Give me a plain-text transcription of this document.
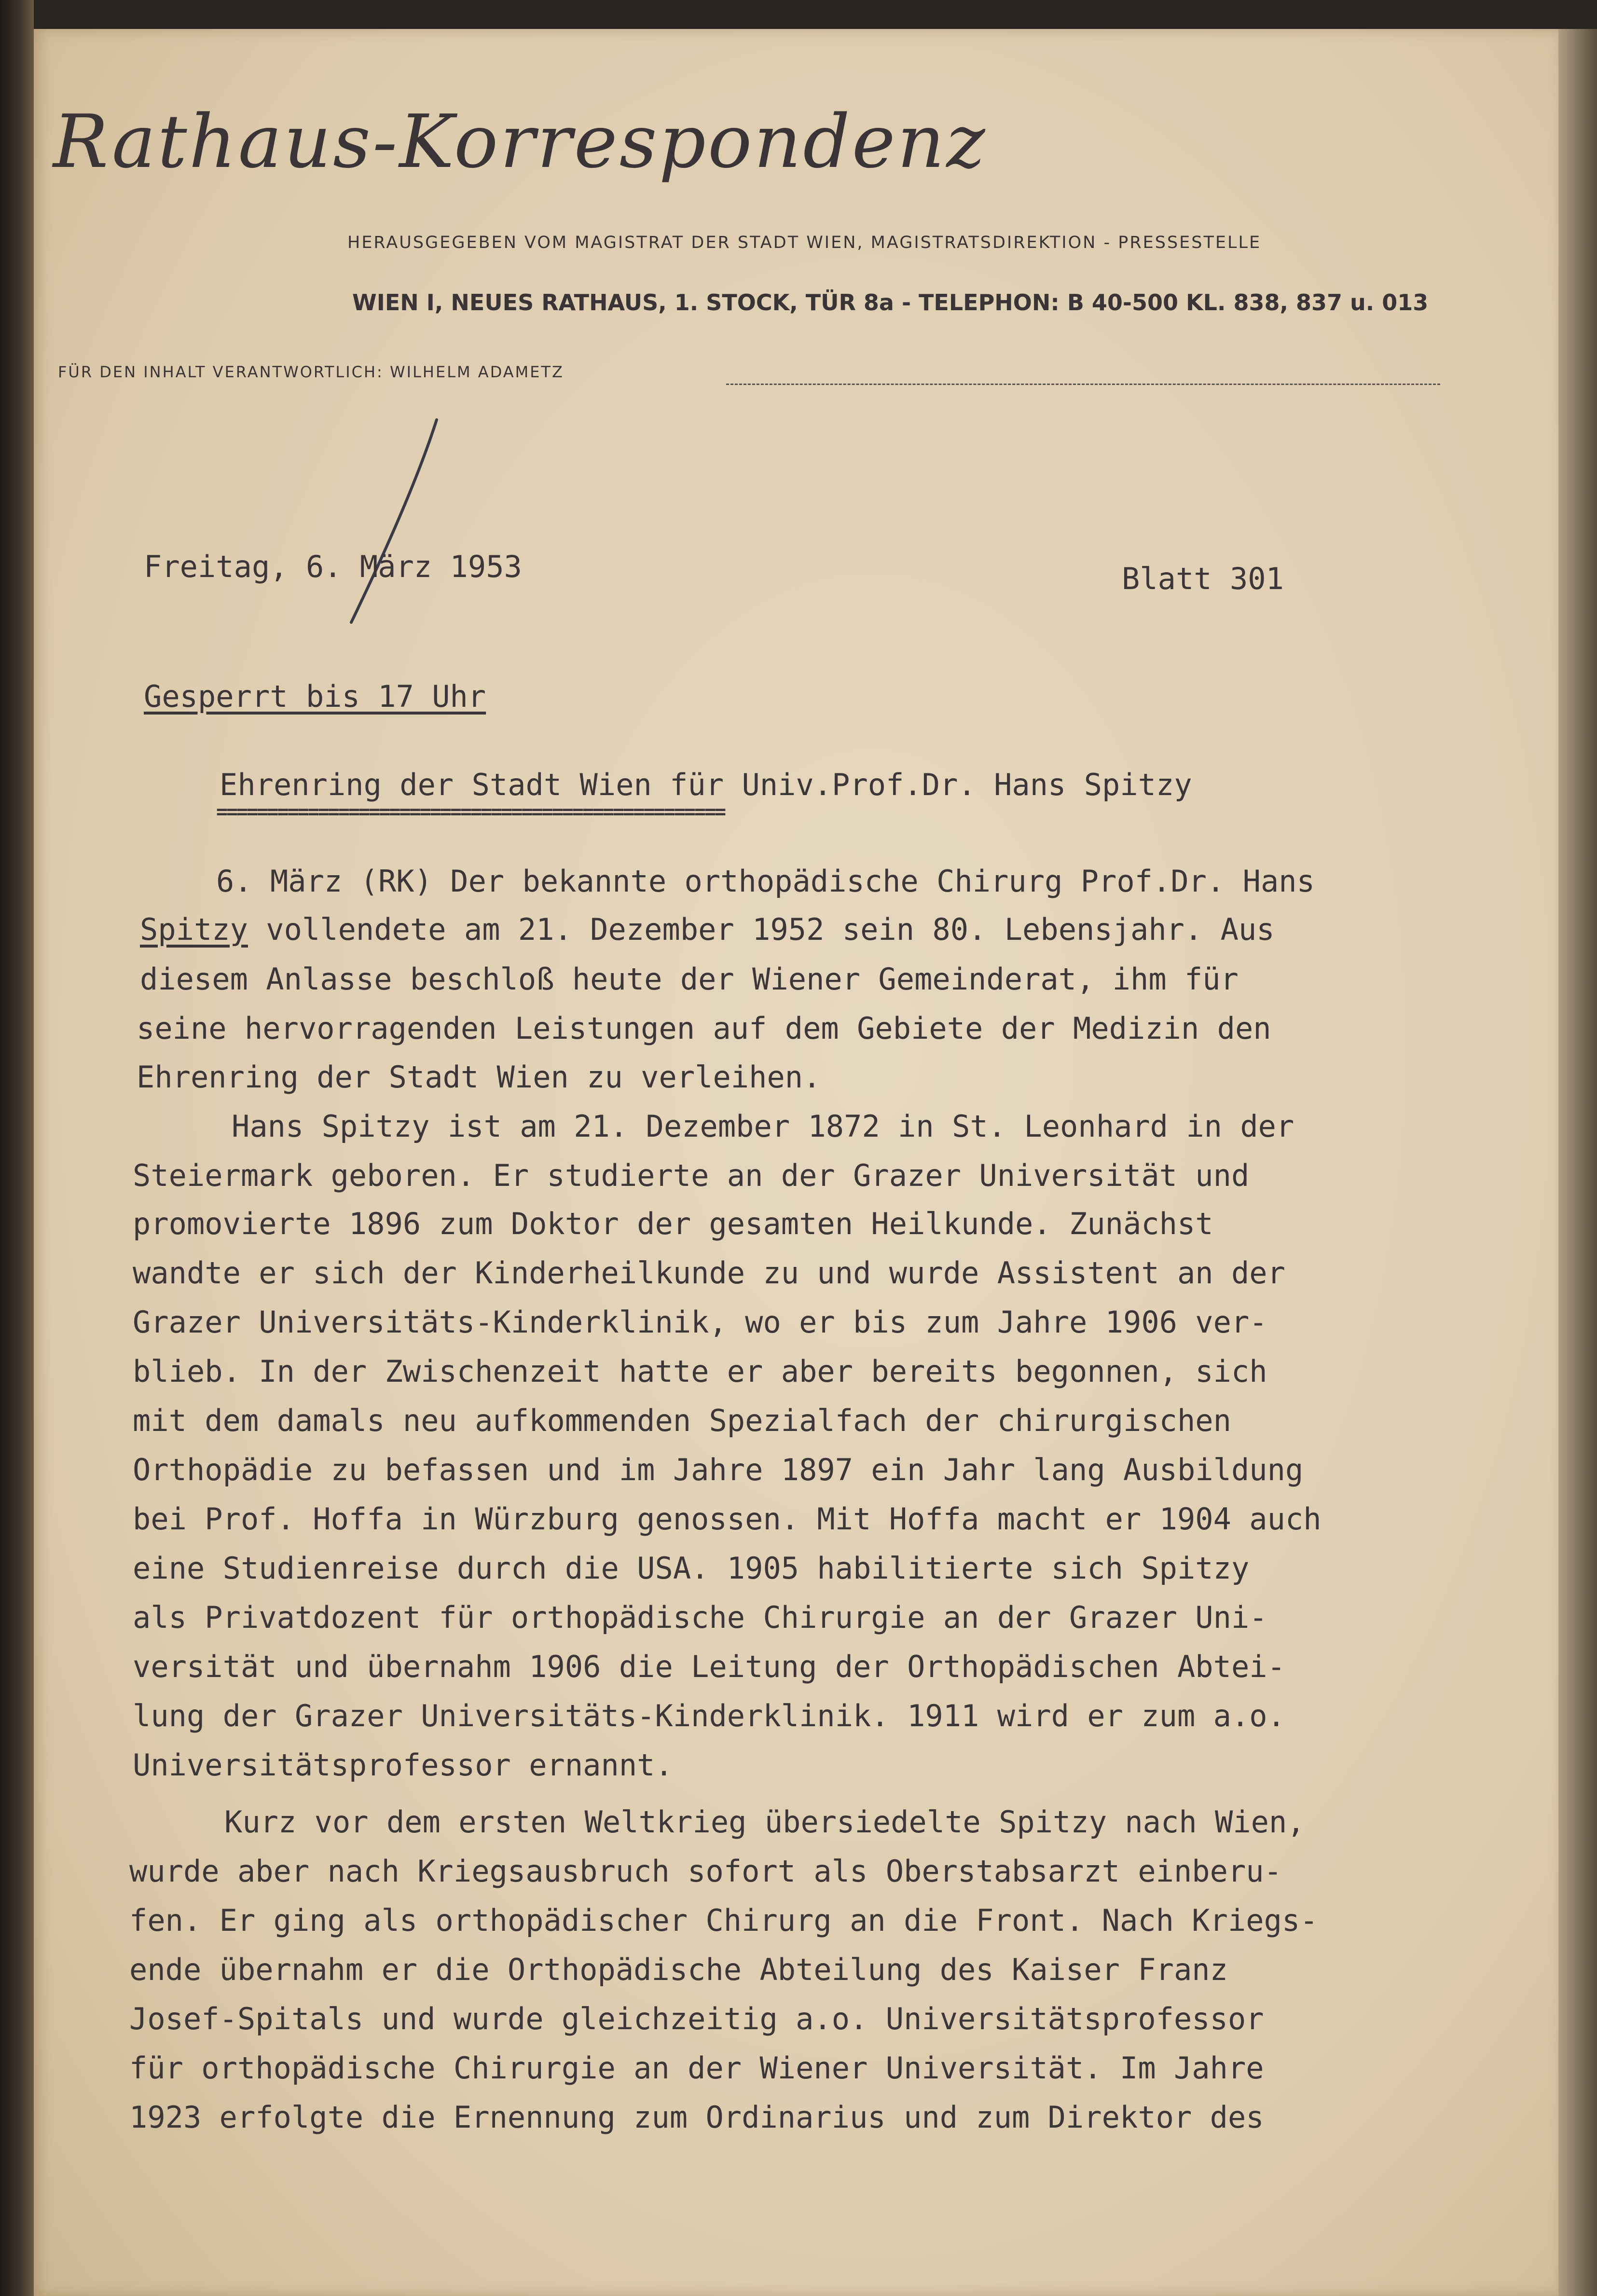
Rathaus-Korrespondenz
HERAUSGEGEBEN VOM MAGISTRAT DER STADT WIEN, MAGISTRATSDIREKTION - PRESSESTELLE
WIEN I, NEUES RATHAUS, 1. STOCK, TÜR 8a - TELEPHON: B 40-500 KL. 838, 837 u. 013
FÜR DEN INHALT VERANTWORTLICH: WILHELM ADAMETZ
Freitag, 6. März 1953	Blatt 301
Gesperrt bis 17 Uhr
Ehrenring der Stadt Wien für Univ.Prof.Dr. Hans Spitzy
==================================================
6. März (RK) Der bekannte orthopädische Chirurg Prof.Dr. Hans
Spitzy vollendete am 21. Dezember 1952 sein 80. Lebensjahr. Aus
diesem Anlasse beschloß heute der Wiener Gemeinderat, ihm für
seine hervorragenden Leistungen auf dem Gebiete der Medizin den
Ehrenring der Stadt Wien zu verleihen.
Hans Spitzy ist am 21. Dezember 1872 in St. Leonhard in der
Steiermark geboren. Er studierte an der Grazer Universität und
promovierte 1896 zum Doktor der gesamten Heilkunde. Zunächst
wandte er sich der Kinderheilkunde zu und wurde Assistent an der
Grazer Universitäts-Kinderklinik, wo er bis zum Jahre 1906 ver-
blieb. In der Zwischenzeit hatte er aber bereits begonnen, sich
mit dem damals neu aufkommenden Spezialfach der chirurgischen
Orthopädie zu befassen und im Jahre 1897 ein Jahr lang Ausbildung
bei Prof. Hoffa in Würzburg genossen. Mit Hoffa macht er 1904 auch
eine Studienreise durch die USA. 1905 habilitierte sich Spitzy
als Privatdozent für orthopädische Chirurgie an der Grazer Uni-
versität und übernahm 1906 die Leitung der Orthopädischen Abtei-
lung der Grazer Universitäts-Kinderklinik. 1911 wird er zum a.o.
Universitätsprofessor ernannt.
Kurz vor dem ersten Weltkrieg übersiedelte Spitzy nach Wien,
wurde aber nach Kriegsausbruch sofort als Oberstabsarzt einberu-
fen. Er ging als orthopädischer Chirurg an die Front. Nach Kriegs-
ende übernahm er die Orthopädische Abteilung des Kaiser Franz
Josef-Spitals und wurde gleichzeitig a.o. Universitätsprofessor
für orthopädische Chirurgie an der Wiener Universität. Im Jahre
1923 erfolgte die Ernennung zum Ordinarius und zum Direktor des
